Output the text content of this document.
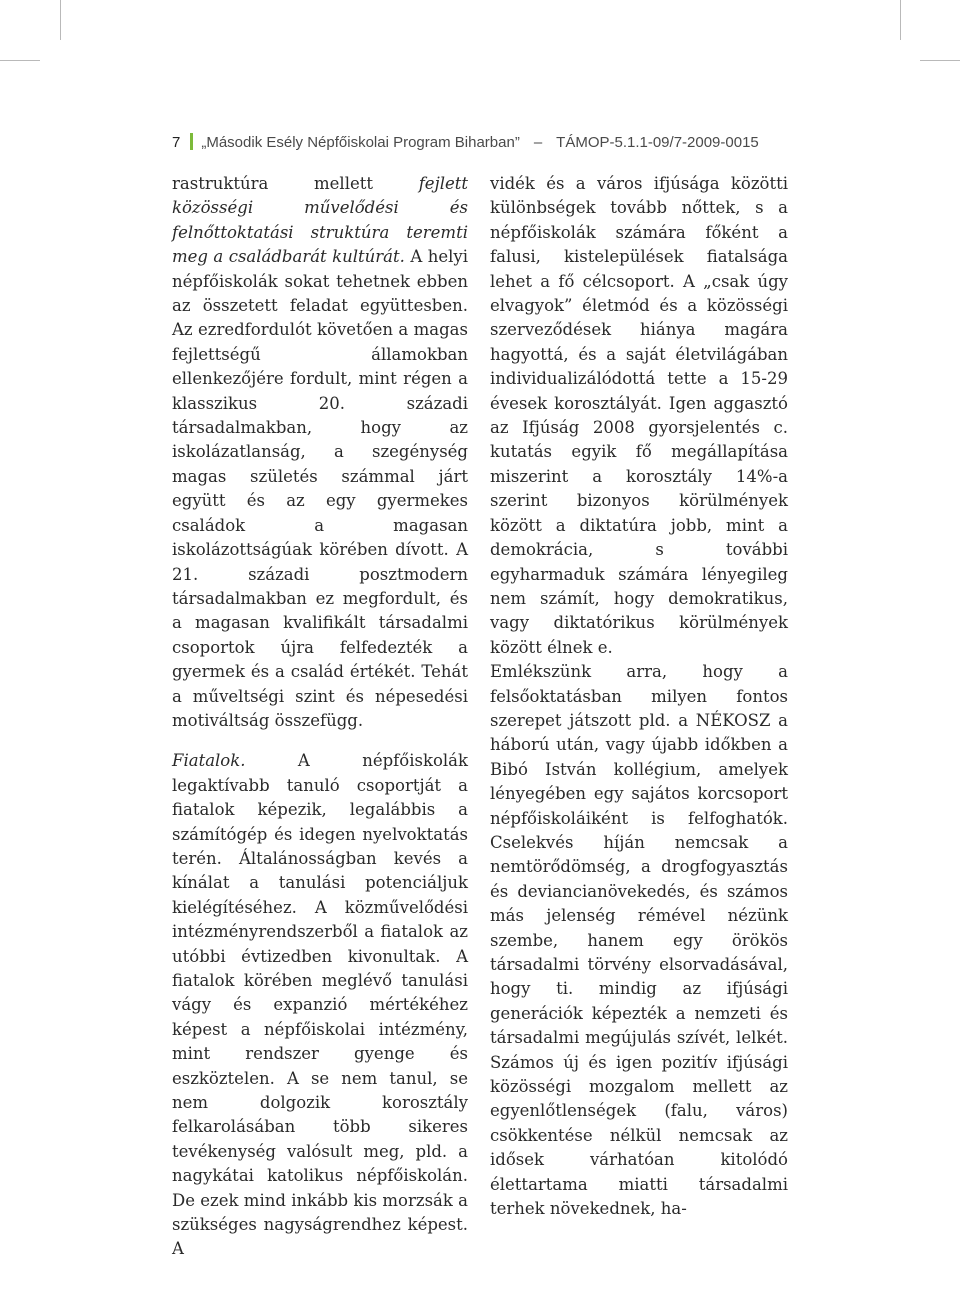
7 „Második Esély Népfőiskolai Program Biharban” – TÁMOP-5.1.1-09/7-2009-0015

rastruktúra mellett fejlett közösségi művelődési és felnőttoktatási struktúra teremti meg a családbarát kultúrát. A helyi népfőiskolák sokat tehetnek ebben az összetett feladat együttesben. Az ezredfordulót követően a magas fejlettségű államokban ellenkezőjére fordult, mint régen a klasszikus 20. századi társadalmakban, hogy az iskolázatlanság, a szegénység magas születés számmal járt együtt és az egy gyermekes családok a magasan iskolázottságúak körében dívott. A 21. századi posztmodern társadalmakban ez megfordult, és a magasan kvalifikált társadalmi csoportok újra felfedezték a gyermek és a család értékét. Tehát a műveltségi szint és népesedési motiváltság összefügg.

Fiatalok. A népfőiskolák legaktívabb tanuló csoportját a fiatalok képezik, legalábbis a számítógép és idegen nyelvoktatás terén. Általánosságban kevés a kínálat a tanulási potenciáljuk kielégítéséhez. A közművelődési intézményrendszerből a fiatalok az utóbbi évtizedben kivonultak. A fiatalok körében meglévő tanulási vágy és expanzió mértékéhez képest a népfőiskolai intézmény, mint rendszer gyenge és eszköztelen. A se nem tanul, se nem dolgozik korosztály felkarolásában több sikeres tevékenység valósult meg, pld. a nagykátai katolikus népfőiskolán. De ezek mind inkább kis morzsák a szükséges nagyságrendhez képest. A

vidék és a város ifjúsága közötti különbségek tovább nőttek, s a népfőiskolák számára főként a falusi, kistelepülések fiatalsága lehet a fő célcsoport. A „csak úgy elvagyok” életmód és a közösségi szerveződések hiánya magára hagyottá, és a saját életvilágában individualizálódottá tette a 15-29 évesek korosztályát. Igen aggasztó az Ifjúság 2008 gyorsjelentés c. kutatás egyik fő megállapítása miszerint a korosztály 14%-a szerint bizonyos körülmények között a diktatúra jobb, mint a demokrácia, s további egyharmaduk számára lényegileg nem számít, hogy demokratikus, vagy diktatórikus körülmények között élnek e.

Emlékszünk arra, hogy a felsőoktatásban milyen fontos szerepet játszott pld. a NÉKOSZ a háború után, vagy újabb időkben a Bibó István kollégium, amelyek lényegében egy sajátos korcsoport népfőiskoláiként is felfoghatók. Cselekvés híján nemcsak a nemtörődömség, a drogfogyasztás és deviancianövekedés, és számos más jelenség rémével nézünk szembe, hanem egy örökös társadalmi törvény elsorvadásával, hogy ti. mindig az ifjúsági generációk képezték a nemzeti és társadalmi megújulás szívét, lelkét. Számos új és igen pozitív ifjúsági közösségi mozgalom mellett az egyenlőtlenségek (falu, város) csökkentése nélkül nemcsak az idősek várhatóan kitolódó élettartama miatti társadalmi terhek növekednek, ha-
